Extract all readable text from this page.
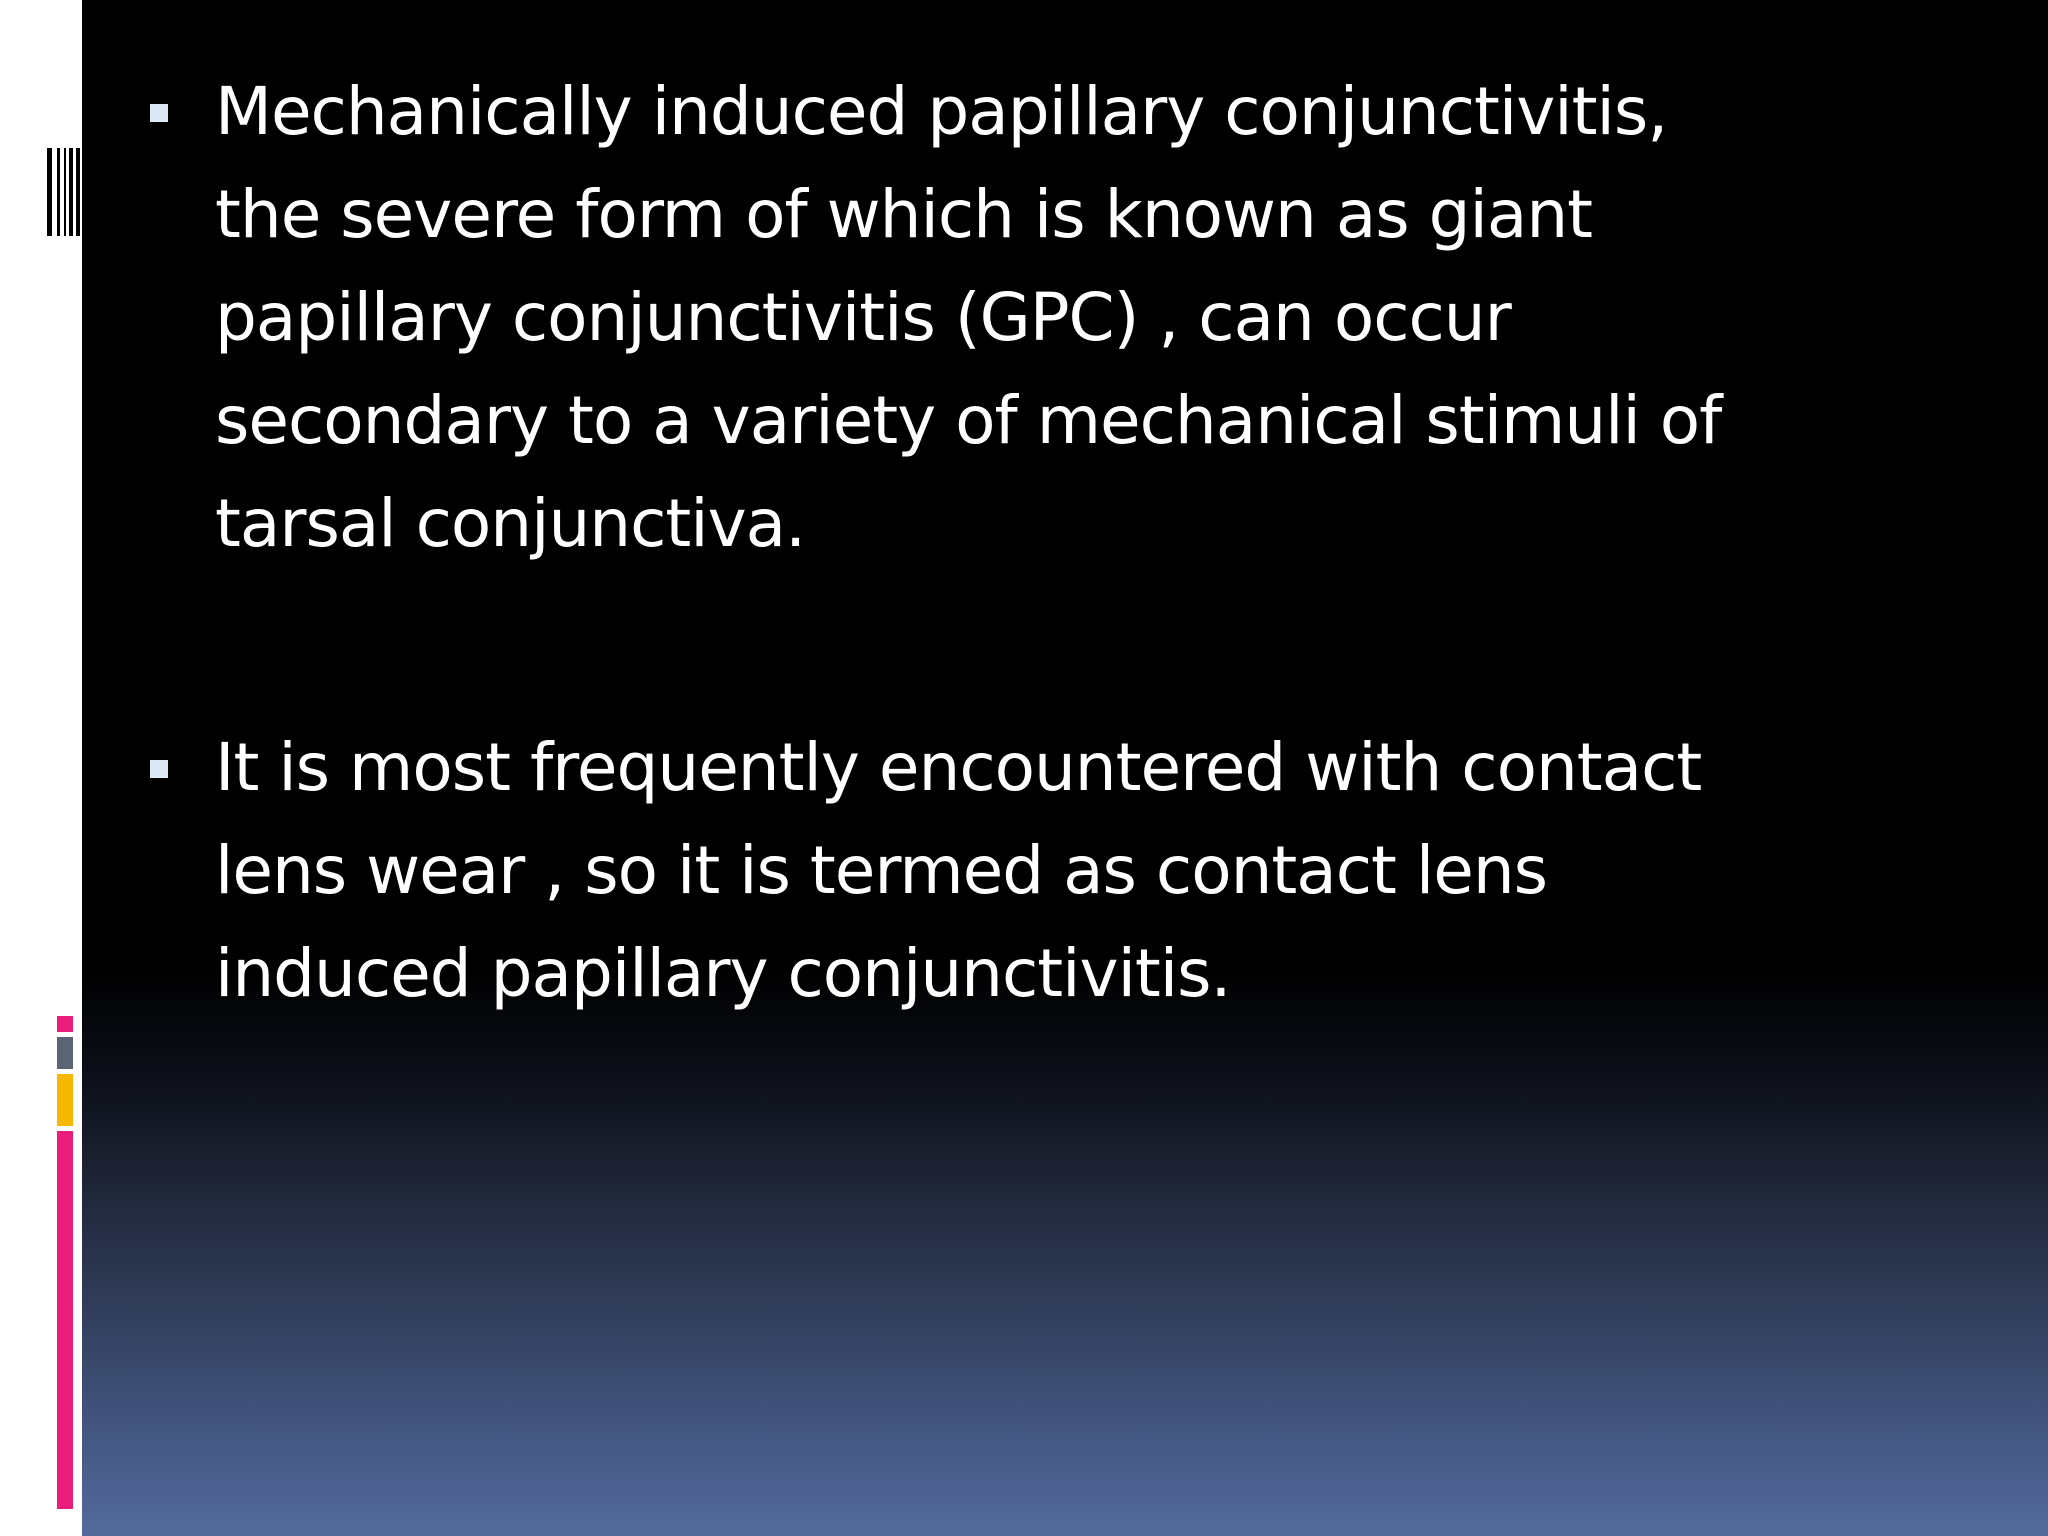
Mechanically induced papillary conjunctivitis,
the severe form of which is known as giant
papillary conjunctivitis (GPC) , can occur
secondary to a variety of mechanical stimuli of
tarsal conjunctiva.

It is most frequently encountered with contact
lens wear , so it is termed as contact lens
induced papillary conjunctivitis.
